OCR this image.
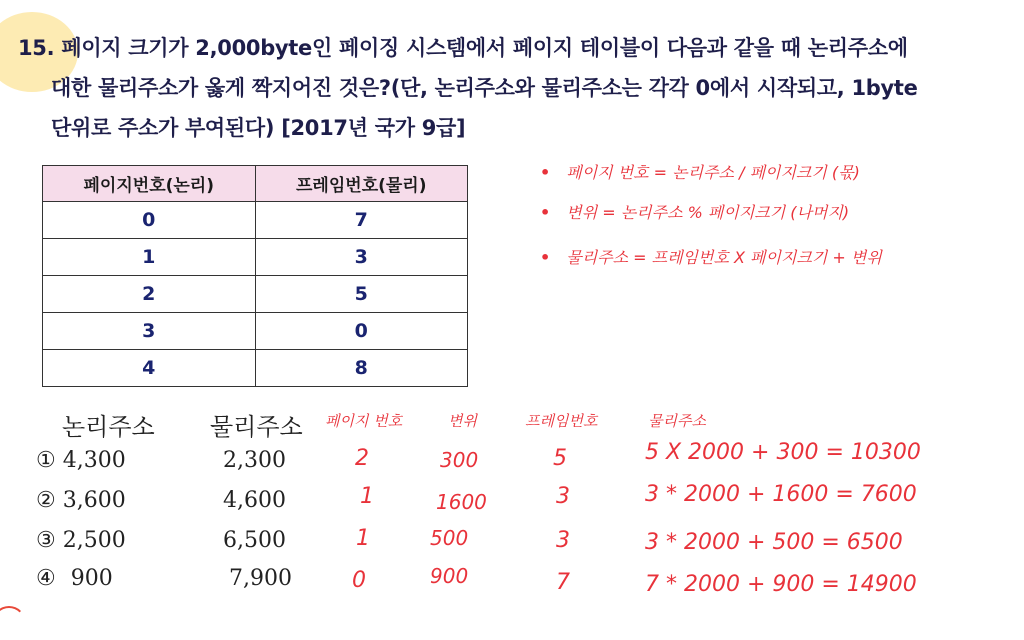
15. 페이지 크기가 2,000byte인 페이징 시스템에서 페이지 테이블이 다음과 같을 때 논리주소에
대한 물리주소가 옳게 짝지어진 것은?(단, 논리주소와 물리주소는 각각 0에서 시작되고, 1byte
단위로 주소가 부여된다) [2017년 국가 9급]
페이지번호(논리)	프레임번호(물리)
0	7
1	3
2	5
3	0
4	8
• 페이지 번호 = 논리주소 / 페이지크기 (몫)
• 변위 = 논리주소 % 페이지크기 (나머지)
• 물리주소 = 프레임번호 X 페이지크기 + 변위
논리주소 물리주소 페이지 번호	변위	프레임번호	물리주소
① 4,300	2,300	2	300	5	5 X 2000 + 300 = 10300
② 3,600	4,600	1	1600	3	3 * 2000 + 1600 = 7600
③ 2,500	6,500	1	500	3	3 * 2000 + 500 = 6500
④ 900	7,900	0	900	7	7 * 2000 + 900 = 14900
